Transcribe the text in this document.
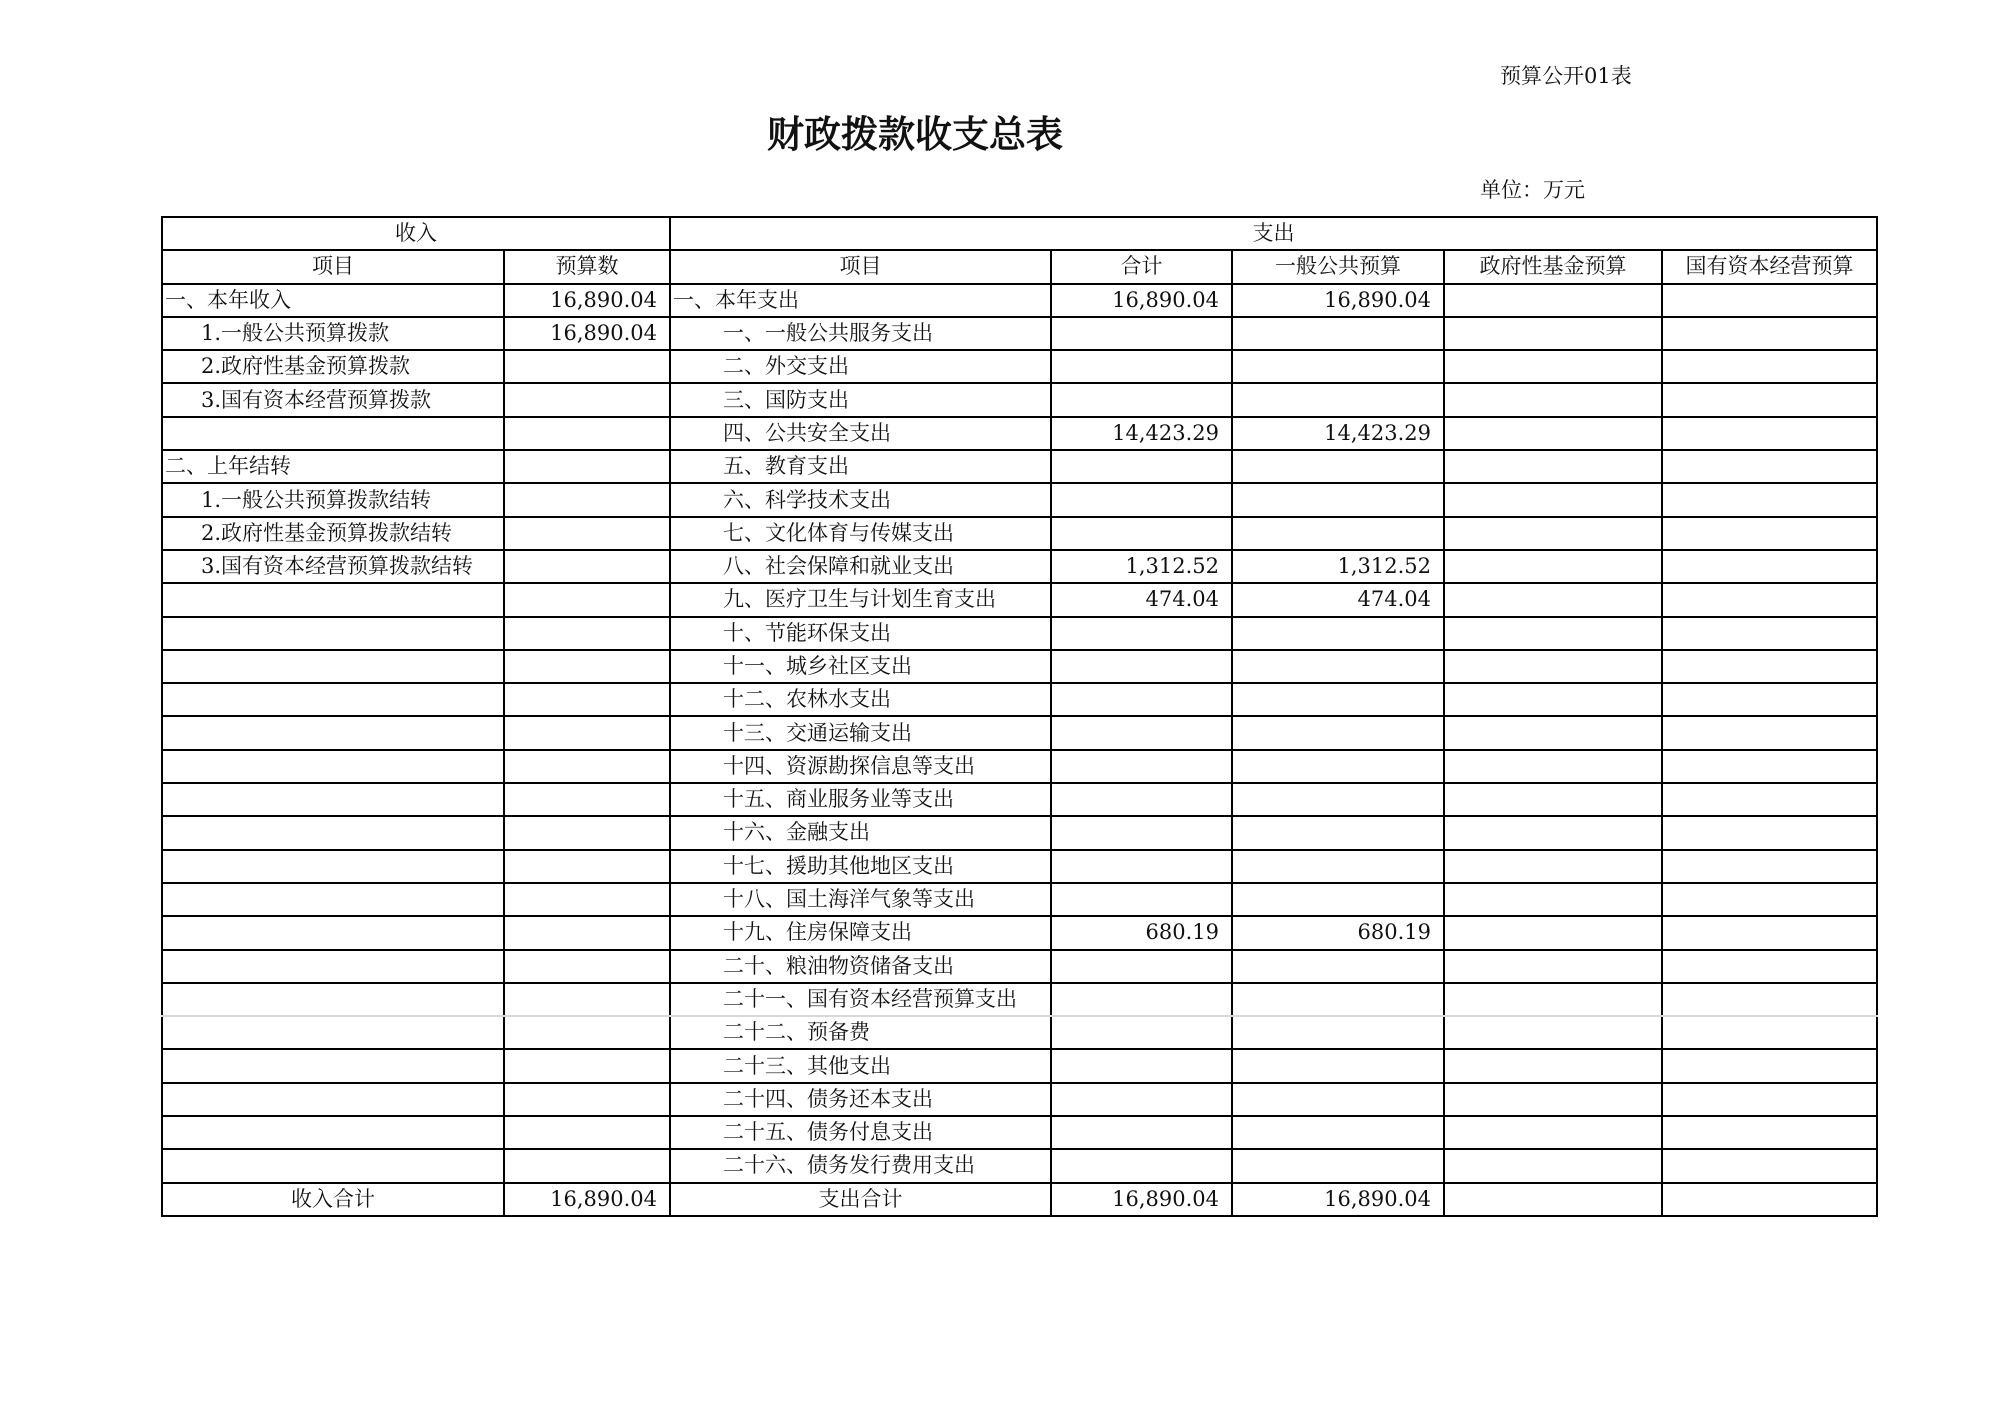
预算公开01表
财政拨款收支总表
单位：万元
收入		支出				
项目	预算数	项目	合计	一般公共预算	政府性基金预算	国有资本经营预算
一、本年收入	16,890.04	一、本年支出	16,890.04	16,890.04		
1.一般公共预算拨款	16,890.04	一、一般公共服务支出				
2.政府性基金预算拨款		二、外交支出				
3.国有资本经营预算拨款		三、国防支出				
		四、公共安全支出	14,423.29	14,423.29		
二、上年结转		五、教育支出				
1.一般公共预算拨款结转		六、科学技术支出				
2.政府性基金预算拨款结转		七、文化体育与传媒支出				
3.国有资本经营预算拨款结转		八、社会保障和就业支出	1,312.52	1,312.52		
		九、医疗卫生与计划生育支出	474.04	474.04		
		十、节能环保支出				
		十一、城乡社区支出				
		十二、农林水支出				
		十三、交通运输支出				
		十四、资源勘探信息等支出				
		十五、商业服务业等支出				
		十六、金融支出				
		十七、援助其他地区支出				
		十八、国土海洋气象等支出				
		十九、住房保障支出	680.19	680.19		
		二十、粮油物资储备支出				
		二十一、国有资本经营预算支出				
		二十二、预备费				
		二十三、其他支出				
		二十四、债务还本支出				
		二十五、债务付息支出				
		二十六、债务发行费用支出				
收入合计	16,890.04	支出合计	16,890.04	16,890.04		
